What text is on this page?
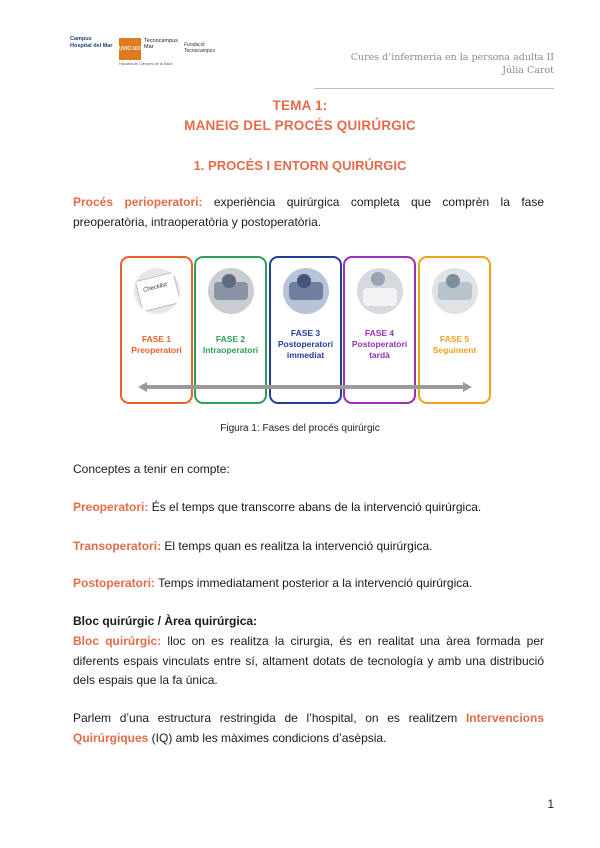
Campus Hospital del Mar
UVIC·UCC
Tecnocampus Mar
Facultat de Ciències de la Salut
Fundació Tecnocampus
Cures d’infermeria en la persona adulta II
Júlia Carot
TEMA 1:
MANEIG DEL PROCÉS QUIRÚRGIC
1. PROCÉS I ENTORN QUIRÚRGIC
Procés perioperatori: experiència quirúrgica completa que comprèn la fase preoperatòria, intraoperatòria y postoperatòria.
Checklist
FASE 1
Preoperatori
FASE 2
Intraoperatori
FASE 3
Postoperatori immediat
FASE 4
Postoperatori tardà
FASE 5
Seguiment
Figura 1: Fases del procés quirúrgic
Conceptes a tenir en compte:
Preoperatori: És el temps que transcorre abans de la intervenció quirúrgica.
Transoperatori: El temps quan es realitza la intervenció quirúrgica.
Postoperatori: Temps immediatament posterior a la intervenció quirúrgica.
Bloc quirúrgic / Àrea quirúrgica:
Bloc quirúrgic: lloc on es realitza la cirurgia, és en realitat una àrea formada per diferents espais vinculats entre sí, altament dotats de tecnología y amb una distribució dels espais que la fa única.
Parlem d’una estructura restringida de l’hospital, on es realitzem Intervencions Quirúrgiques (IQ) amb les màximes condicions d’asèpsia.
1
